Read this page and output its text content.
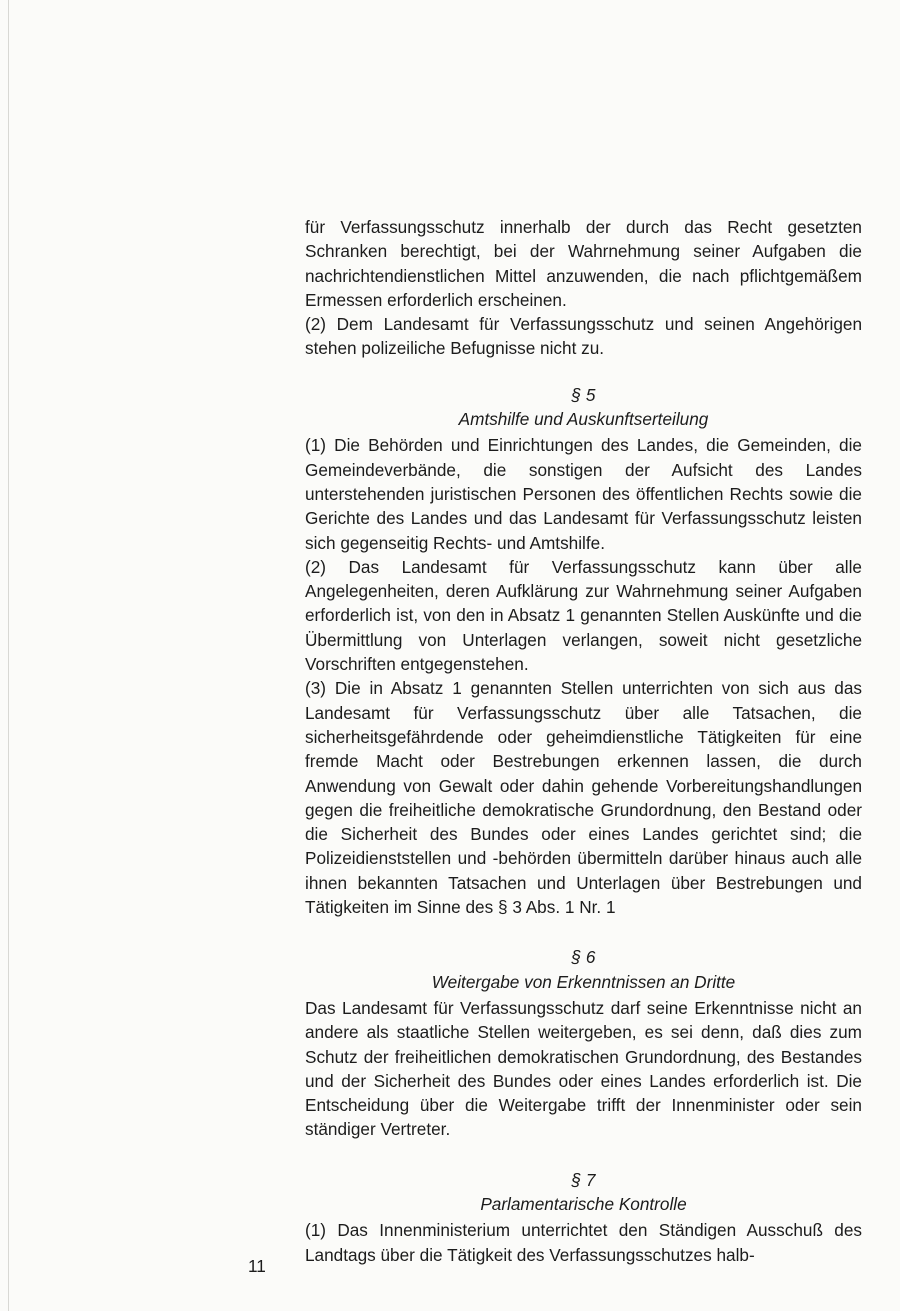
für Verfassungsschutz innerhalb der durch das Recht gesetzten Schranken berechtigt, bei der Wahrnehmung seiner Aufgaben die nachrichtendienstlichen Mittel anzuwenden, die nach pflichtgemäßem Ermessen erforderlich erscheinen.

(2) Dem Landesamt für Verfassungsschutz und seinen Angehörigen stehen polizeiliche Befugnisse nicht zu.

§ 5

Amtshilfe und Auskunftserteilung

(1) Die Behörden und Einrichtungen des Landes, die Gemeinden, die Gemeindeverbände, die sonstigen der Aufsicht des Landes unterstehenden juristischen Personen des öffentlichen Rechts sowie die Gerichte des Landes und das Landesamt für Verfassungsschutz leisten sich gegenseitig Rechts- und Amtshilfe.

(2) Das Landesamt für Verfassungsschutz kann über alle Angelegenheiten, deren Aufklärung zur Wahrnehmung seiner Aufgaben erforderlich ist, von den in Absatz 1 genannten Stellen Auskünfte und die Übermittlung von Unterlagen verlangen, soweit nicht gesetzliche Vorschriften entgegenstehen.

(3) Die in Absatz 1 genannten Stellen unterrichten von sich aus das Landesamt für Verfassungsschutz über alle Tatsachen, die sicherheitsgefährdende oder geheimdienstliche Tätigkeiten für eine fremde Macht oder Bestrebungen erkennen lassen, die durch Anwendung von Gewalt oder dahin gehende Vorbereitungshandlungen gegen die freiheitliche demokratische Grundordnung, den Bestand oder die Sicherheit des Bundes oder eines Landes gerichtet sind; die Polizeidienststellen und -behörden übermitteln darüber hinaus auch alle ihnen bekannten Tatsachen und Unterlagen über Bestrebungen und Tätigkeiten im Sinne des § 3 Abs. 1 Nr. 1

§ 6

Weitergabe von Erkenntnissen an Dritte

Das Landesamt für Verfassungsschutz darf seine Erkenntnisse nicht an andere als staatliche Stellen weitergeben, es sei denn, daß dies zum Schutz der freiheitlichen demokratischen Grundordnung, des Bestandes und der Sicherheit des Bundes oder eines Landes erforderlich ist. Die Entscheidung über die Weitergabe trifft der Innenminister oder sein ständiger Vertreter.

§ 7

Parlamentarische Kontrolle

(1) Das Innenministerium unterrichtet den Ständigen Ausschuß des Landtags über die Tätigkeit des Verfassungsschutzes halb-

11
